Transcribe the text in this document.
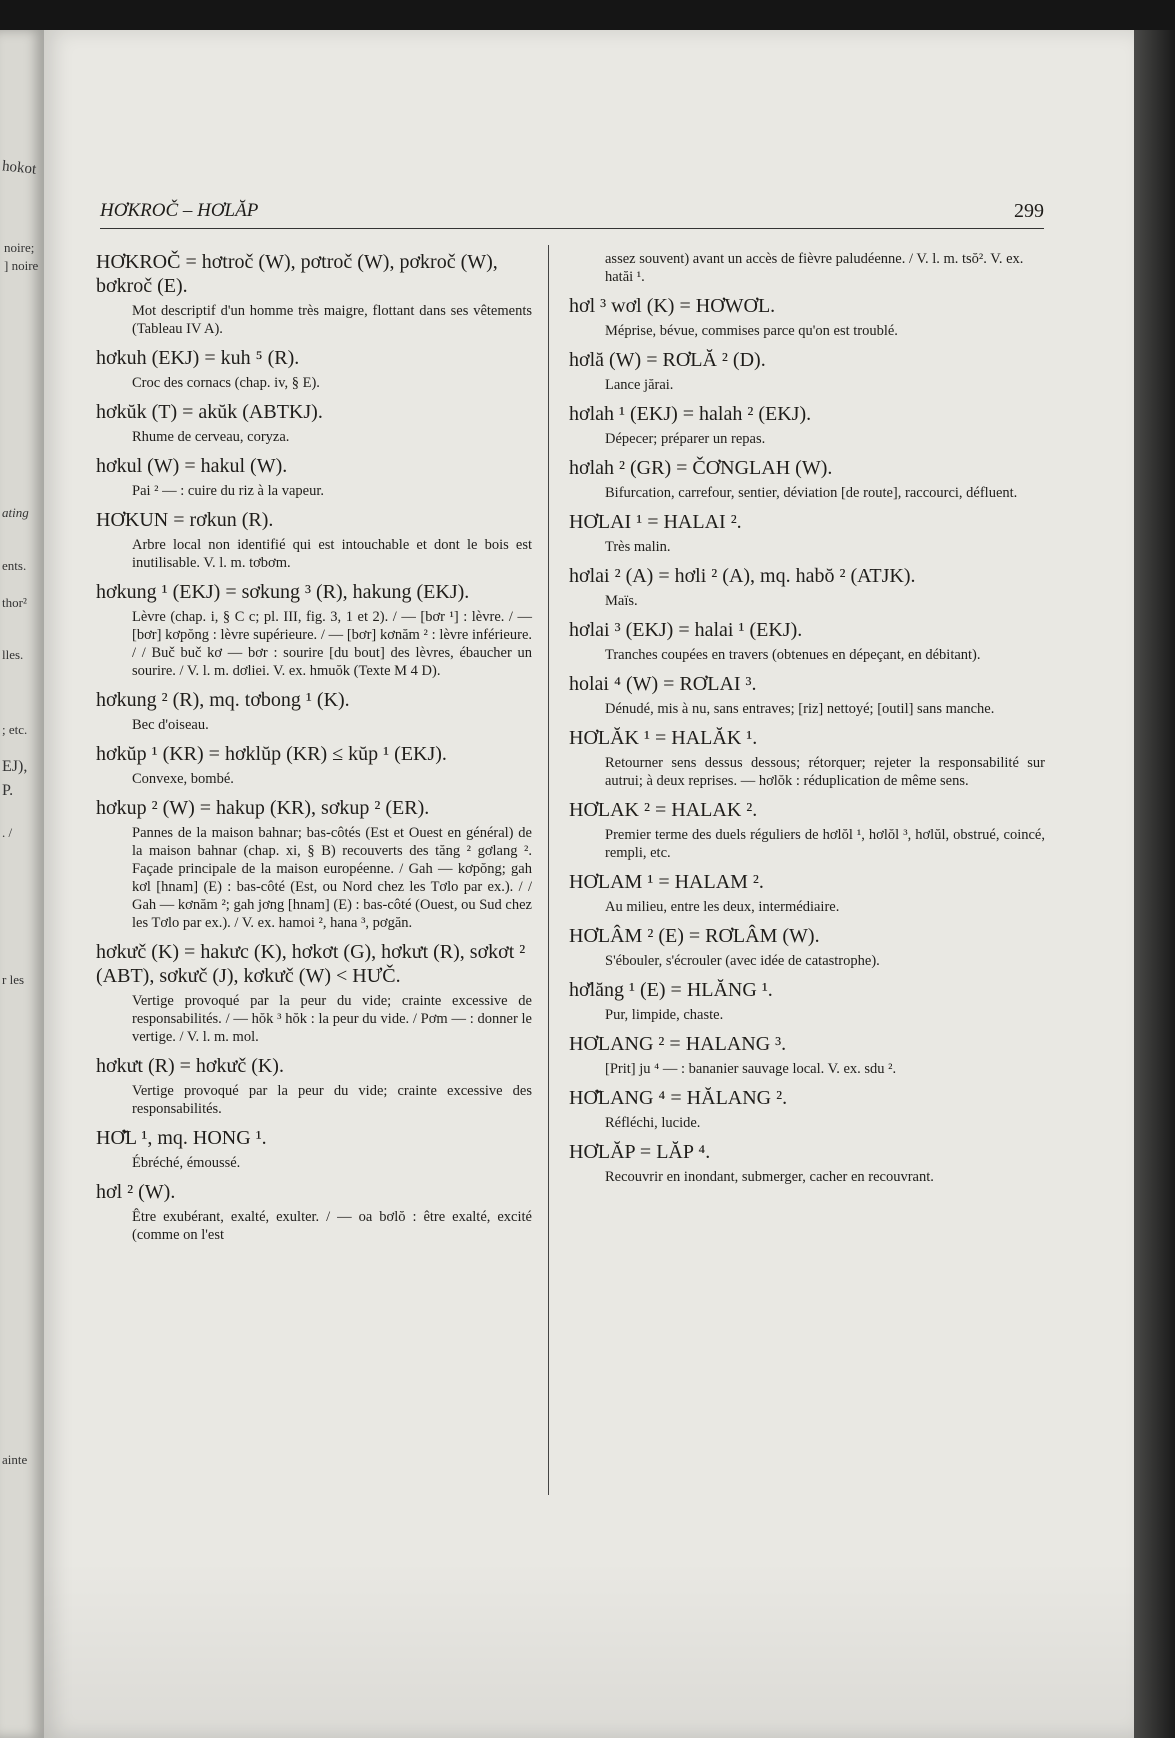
hokot
noire;
] noire
ating
ents.
thor²
lles.
; etc.
EJ),
P.
. /
r les
ainte
HƠKROČ – HƠLĂP	299
HƠKROČ = hơtroč (W), pơtroč (W), pơkroč (W), bơkroč (E).
Mot descriptif d'un homme très maigre, flottant dans ses vêtements (Tableau IV A).
hơkuh (EKJ) = kuh ⁵ (R).
Croc des cornacs (chap. iv, § E).
hơkŭk (T) = akŭk (ABTKJ).
Rhume de cerveau, coryza.
hơkul (W) = hakul (W).
Pai ² — : cuire du riz à la vapeur.
HƠKUN = rơkun (R).
Arbre local non identifié qui est intouchable et dont le bois est inutilisable. V. l. m. tơbơm.
hơkung ¹ (EKJ) = sơkung ³ (R), hakung (EKJ).
Lèvre (chap. i, § C c; pl. III, fig. 3, 1 et 2). / — [bơr ¹] : lèvre. / — [bơr] kơpŏng : lèvre supérieure. / — [bơr] kơnăm ² : lèvre inférieure. / / Buč buč kơ — bơr : sourire [du bout] des lèvres, ébaucher un sourire. / V. l. m. dơliei. V. ex. hmuŏk (Texte M 4 D).
hơkung ² (R), mq. tơbong ¹ (K).
Bec d'oiseau.
hơkŭp ¹ (KR) = hơklŭp (KR) ≤ kŭp ¹ (EKJ).
Convexe, bombé.
hơkup ² (W) = hakup (KR), sơkup ² (ER).
Pannes de la maison bahnar; bas-côtés (Est et Ouest en général) de la maison bahnar (chap. xi, § B) recouverts des tăng ² gơlang ². Façade principale de la maison européenne. / Gah — kơpŏng; gah kơl [hnam] (E) : bas-côté (Est, ou Nord chez les Tơlo par ex.). / / Gah — kơnăm ²; gah jơng [hnam] (E) : bas-côté (Ouest, ou Sud chez les Tơlo par ex.). / V. ex. hamoi ², hana ³, pơgăn.
hơkưč (K) = hakưc (K), hơkơt (G), hơkưt (R), sơkơt ² (ABT), sơkưč (J), kơkưč (W) < HƯČ.
Vertige provoqué par la peur du vide; crainte excessive de responsabilités. / — hŏk ³ hŏk : la peur du vide. / Pơm — : donner le vertige. / V. l. m. mol.
hơkưt (R) = hơkưč (K).
Vertige provoqué par la peur du vide; crainte excessive des responsabilités.
HƠ̆L ¹, mq. HONG ¹.
Ébréché, émoussé.
hơl ² (W).
Être exubérant, exalté, exulter. / — oa bơlŏ : être exalté, excité (comme on l'est
assez souvent) avant un accès de fièvre paludéenne. / V. l. m. tsŏ². V. ex. hatăi ¹.
hơl ³ wơl (K) = HƠWƠL.
Méprise, bévue, commises parce qu'on est troublé.
hơlă (W) = RƠLĂ ² (D).
Lance jărai.
hơlah ¹ (EKJ) = halah ² (EKJ).
Dépecer; préparer un repas.
hơlah ² (GR) = ČƠNGLAH (W).
Bifurcation, carrefour, sentier, déviation [de route], raccourci, défluent.
HƠLAI ¹ = HALAI ².
Très malin.
hơlai ² (A) = hơli ² (A), mq. habŏ ² (ATJK).
Maïs.
hơlai ³ (EKJ) = halai ¹ (EKJ).
Tranches coupées en travers (obtenues en dépeçant, en débitant).
holai ⁴ (W) = RƠLAI ³.
Dénudé, mis à nu, sans entraves; [riz] nettoyé; [outil] sans manche.
HƠLĂK ¹ = HALĂK ¹.
Retourner sens dessus dessous; rétorquer; rejeter la responsabilité sur autrui; à deux reprises. — hơlŏk : réduplication de même sens.
HƠLAK ² = HALAK ².
Premier terme des duels réguliers de hơlŏl ¹, hơlŏl ³, hơlŭl, obstrué, coincé, rempli, etc.
HƠLAM ¹ = HALAM ².
Au milieu, entre les deux, intermédiaire.
HƠLÂM ² (E) = RƠLÂM (W).
S'ébouler, s'écrouler (avec idée de catastrophe).
hơ̆lăng ¹ (E) = HLĂNG ¹.
Pur, limpide, chaste.
HƠLANG ² = HALANG ³.
[Prit] ju ⁴ — : bananier sauvage local. V. ex. sdu ².
HƠ̆LANG ⁴ = HĂLANG ².
Réfléchi, lucide.
HƠLĂP = LĂP ⁴.
Recouvrir en inondant, submerger, cacher en recouvrant.
